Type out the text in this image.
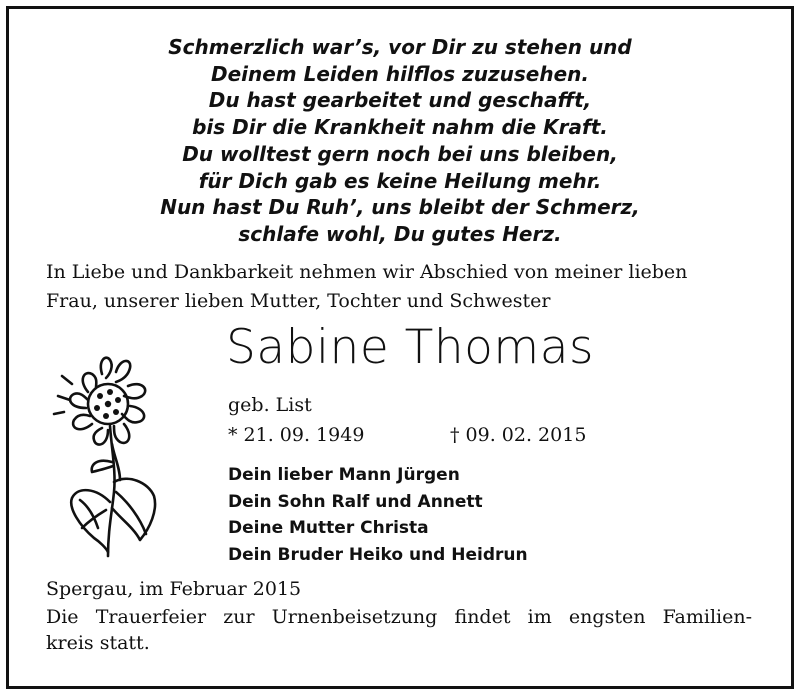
Schmerzlich war’s, vor Dir zu stehen und
Deinem Leiden hilflos zuzusehen.
Du hast gearbeitet und geschafft,
bis Dir die Krankheit nahm die Kraft.
Du wolltest gern noch bei uns bleiben,
für Dich gab es keine Heilung mehr.
Nun hast Du Ruh’, uns bleibt der Schmerz,
schlafe wohl, Du gutes Herz.
In Liebe und Dankbarkeit nehmen wir Abschied von meiner lieben
Frau, unserer lieben Mutter, Tochter und Schwester
Sabine Thomas
geb. List
* 21. 09. 1949	† 09. 02. 2015
Dein lieber Mann Jürgen
Dein Sohn Ralf und Annett
Deine Mutter Christa
Dein Bruder Heiko und Heidrun
Spergau, im Februar 2015
Die Trauerfeier zur Urnenbeisetzung findet im engsten Familien-
kreis statt.
